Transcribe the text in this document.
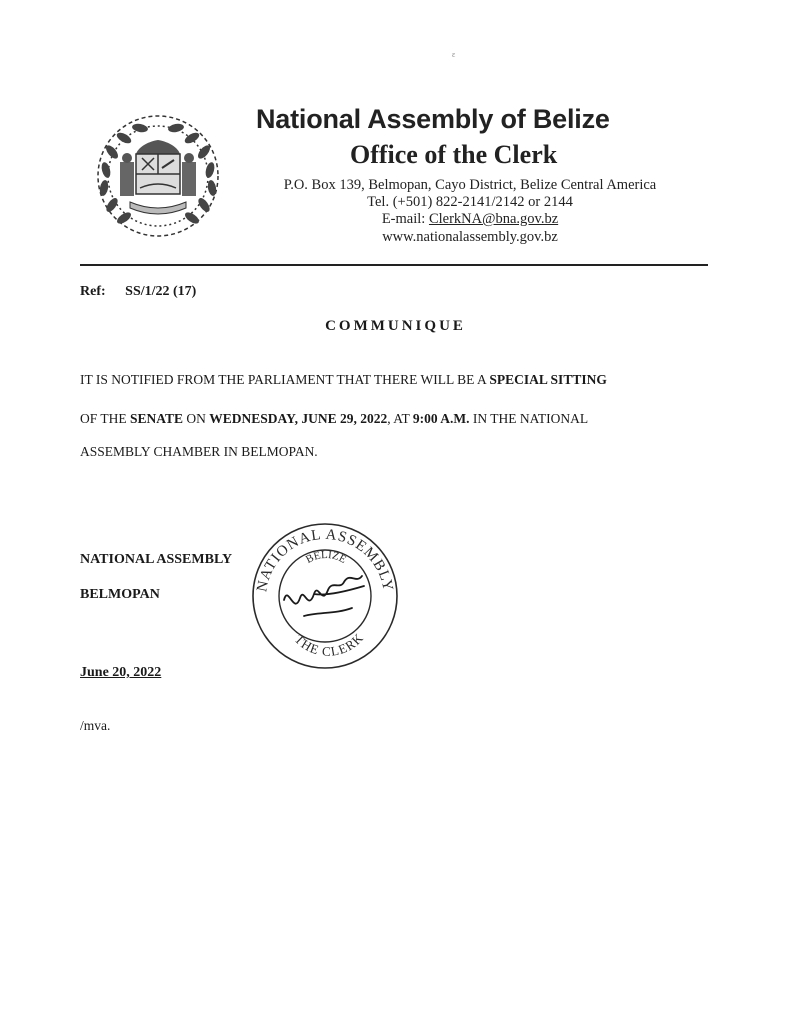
ε
National Assembly of Belize
Office of the Clerk

P.O. Box 139, Belmopan, Cayo District, Belize Central America

Tel. (+501) 822-2141/2142 or 2144

E-mail: ClerkNA@bna.gov.bz

www.nationalassembly.gov.bz

Ref: SS/1/22 (17)
COMMUNIQUE

IT IS NOTIFIED FROM THE PARLIAMENT THAT THERE WILL BE A SPECIAL SITTING

OF THE SENATE ON WEDNESDAY, JUNE 29, 2022, AT 9:00 A.M. IN THE NATIONAL

ASSEMBLY CHAMBER IN BELMOPAN.

NATIONAL ASSEMBLY
BELMOPAN
June 20, 2022
/mva.
NATIONAL ASSEMBLY
BELIZE
THE CLERK
